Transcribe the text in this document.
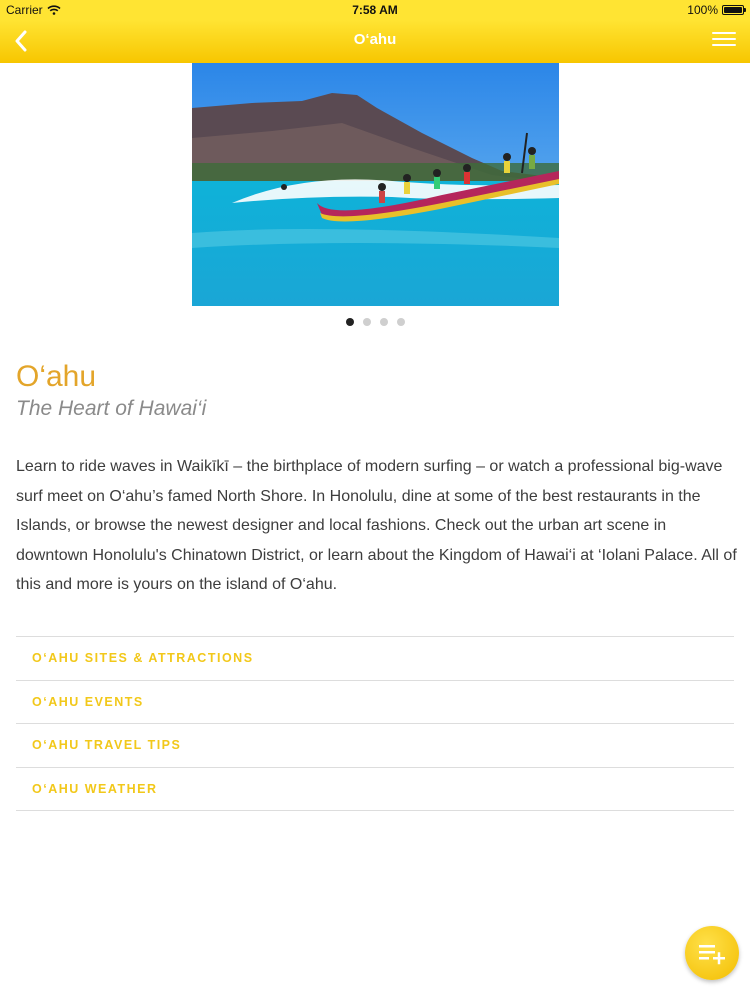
Carrier	7:58 AM	100%
O‘ahu
O‘ahu
The Heart of Hawai‘i

Learn to ride waves in Waikīkī – the birthplace of modern surfing – or watch a professional big-wave surf meet on O‘ahu’s famed North Shore. In Honolulu, dine at some of the best restaurants in the Islands, or browse the newest designer and local fashions. Check out the urban art scene in downtown Honolulu's Chinatown District, or learn about the Kingdom of Hawai‘i at ‘Iolani Palace. All of this and more is yours on the island of O‘ahu.

O‘AHU SITES & ATTRACTIONS
O‘AHU EVENTS
O‘AHU TRAVEL TIPS
O‘AHU WEATHER
